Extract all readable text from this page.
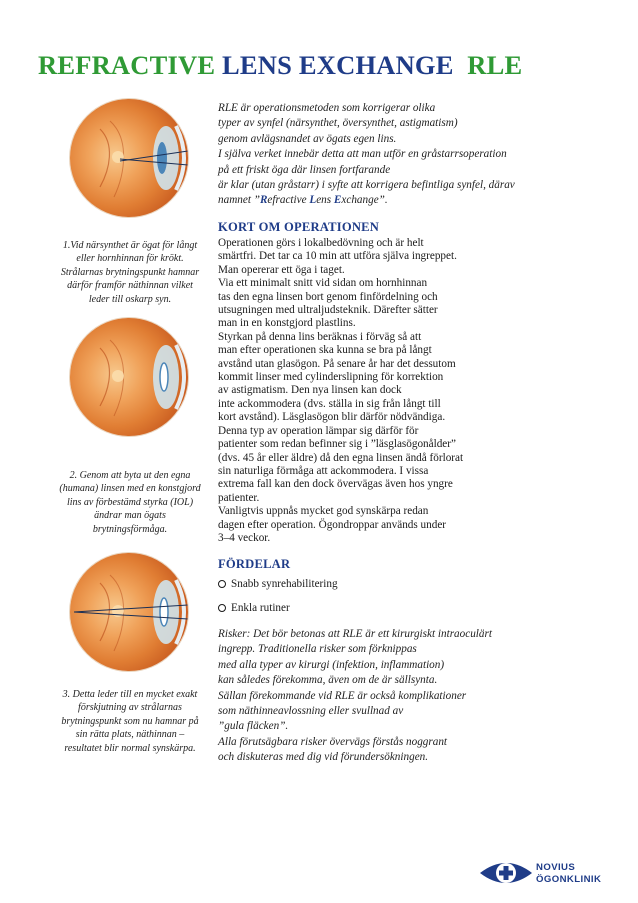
REFRACTIVE LENS EXCHANGE RLE

1.Vid närsynthet är ögat för långt eller hornhinnan för krökt. Strålarnas brytningspunkt hamnar därför framför näthinnan vilket leder till oskarp syn.

2. Genom att byta ut den egna (humana) linsen med en konstgjord lins av förbestämd styrka (IOL) ändrar man ögats brytningsförmåga.

3. Detta leder till en mycket exakt förskjutning av strålarnas brytningspunkt som nu hamnar på sin rätta plats, näthinnan – resultatet blir normal synskärpa.

RLE är operationsmetoden som korrigerar olika
typer av synfel (närsynthet, översynthet, astigmatism)
genom avlägsnandet av ögats egen lins.
I själva verket innebär detta att man utför en gråstarrsoperation
på ett friskt öga där linsen fortfarande
är klar (utan gråstarr) i syfte att korrigera befintliga synfel, därav
namnet ”Refractive Lens Exchange”.
KORT OM OPERATIONEN
Operationen görs i lokalbedövning och är helt
smärtfri. Det tar ca 10 min att utföra själva ingreppet.
Man opererar ett öga i taget.
Via ett minimalt snitt vid sidan om hornhinnan
tas den egna linsen bort genom finfördelning och
utsugningen med ultraljudsteknik. Därefter sätter
man in en konstgjord plastlins.
Styrkan på denna lins beräknas i förväg så att
man efter operationen ska kunna se bra på långt
avstånd utan glasögon. På senare år har det dessutom
kommit linser med cylinderslipning för korrektion
av astigmatism. Den nya linsen kan dock
inte ackommodera (dvs. ställa in sig från långt till
kort avstånd). Läsglasögon blir därför nödvändiga.
Denna typ av operation lämpar sig därför för
patienter som redan befinner sig i ”läsglasögonålder”
(dvs. 45 år eller äldre) då den egna linsen ändå förlorat
sin naturliga förmåga att ackommodera. I vissa
extrema fall kan den dock övervägas även hos yngre
patienter.
Vanligtvis uppnås mycket god synskärpa redan
dagen efter operation. Ögondroppar används under
3–4 veckor.
FÖRDELAR
Snabb synrehabilitering
Enkla rutiner
Risker: Det bör betonas att RLE är ett kirurgiskt intraoculärt
ingrepp. Traditionella risker som förknippas
med alla typer av kirurgi (infektion, inflammation)
kan således förekomma, även om de är sällsynta.
Sällan förekommande vid RLE är också komplikationer
som näthinneavlossning eller svullnad av
”gula fläcken”.
Alla förutsägbara risker övervägs förstås noggrant
och diskuteras med dig vid förundersökningen.
NOVIUS
ÖGONKLINIK
